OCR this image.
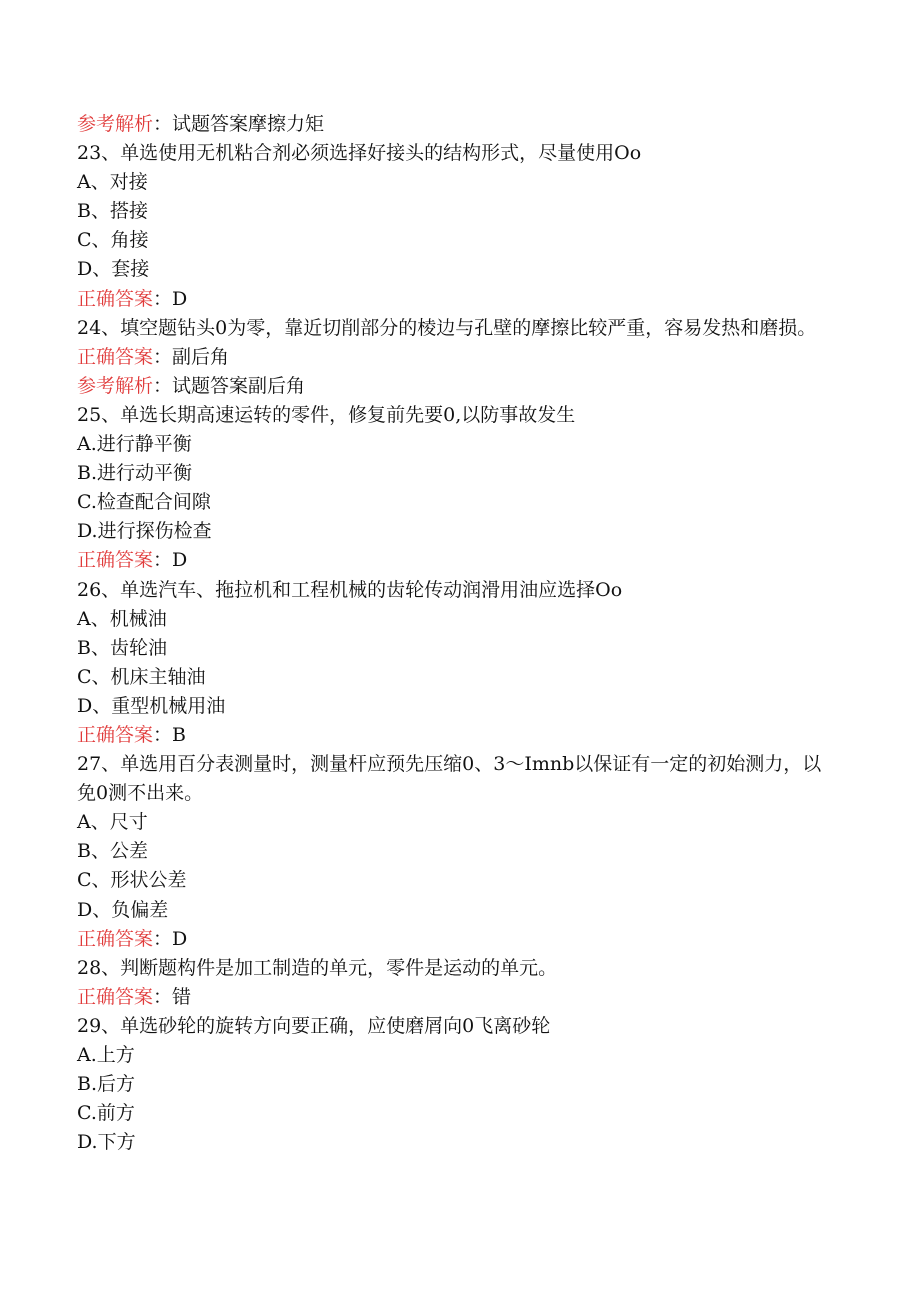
参考解析：试题答案摩擦力矩
23、单选使用无机粘合剂必须选择好接头的结构形式，尽量使用Oo
A、对接
B、搭接
C、角接
D、套接
正确答案：D
24、填空题钻头0为零，靠近切削部分的棱边与孔壁的摩擦比较严重，容易发热和磨损。
正确答案：副后角
参考解析：试题答案副后角
25、单选长期高速运转的零件，修复前先要0,以防事故发生
A.进行静平衡
B.进行动平衡
C.检查配合间隙
D.进行探伤检查
正确答案：D
26、单选汽车、拖拉机和工程机械的齿轮传动润滑用油应选择Oo
A、机械油
B、齿轮油
C、机床主轴油
D、重型机械用油
正确答案：B
27、单选用百分表测量时，测量杆应预先压缩0、3～Imnb以保证有一定的初始测力，以免0测不出来。
A、尺寸
B、公差
C、形状公差
D、负偏差
正确答案：D
28、判断题构件是加工制造的单元，零件是运动的单元。
正确答案：错
29、单选砂轮的旋转方向要正确，应使磨屑向0飞离砂轮
A.上方
B.后方
C.前方
D.下方
